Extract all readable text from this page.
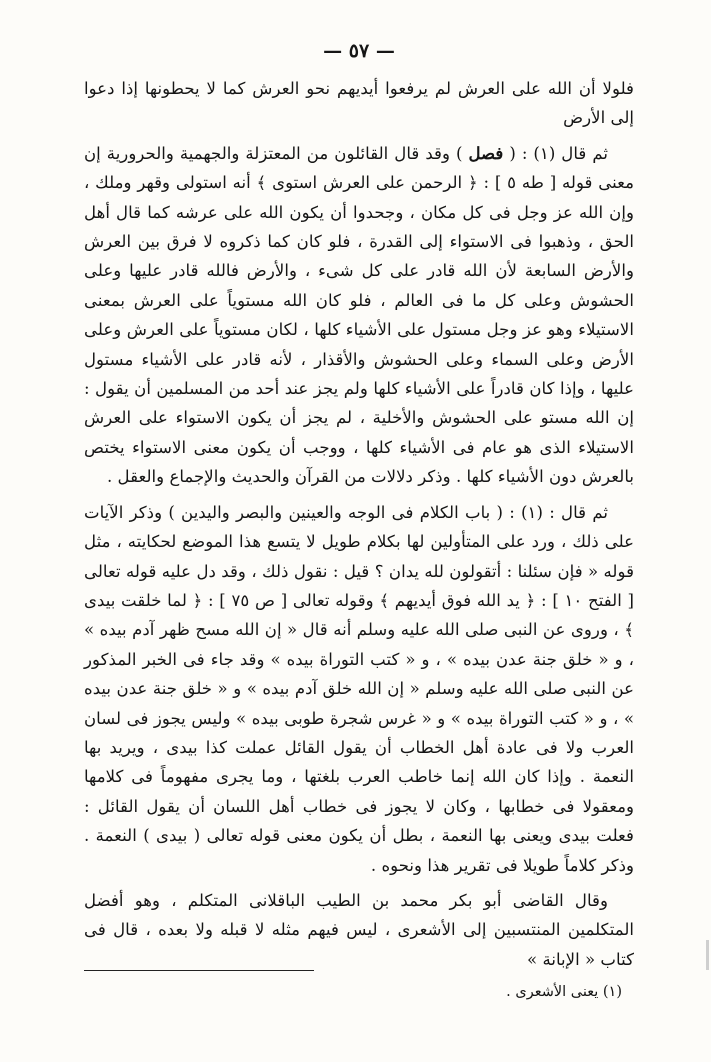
— ٥٧ —

فلولا أن الله على العرش لم يرفعوا أيديهم نحو العرش كما لا يحطونها إذا دعوا إلى الأرض

ثم قال (١) : ( فصل ) وقد قال القائلون من المعتزلة والجهمية والحرورية إن معنى قوله [ طه ٥ ] : ﴿ الرحمن على العرش استوى ﴾ أنه استولى وقهر وملك ، وإن الله عز وجل فى كل مكان ، وجحدوا أن يكون الله على عرشه كما قال أهل الحق ، وذهبوا فى الاستواء إلى القدرة ، فلو كان كما ذكروه لا فرق بين العرش والأرض السابعة لأن الله قادر على كل شىء ، والأرض فالله قادر عليها وعلى الحشوش وعلى كل ما فى العالم ، فلو كان الله مستوياً على العرش بمعنى الاستيلاء وهو عز وجل مستول على الأشياء كلها ، لكان مستوياً على العرش وعلى الأرض وعلى السماء وعلى الحشوش والأقذار ، لأنه قادر على الأشياء مستول عليها ، وإذا كان قادراً على الأشياء كلها ولم يجز عند أحد من المسلمين أن يقول : إن الله مستو على الحشوش والأخلية ، لم يجز أن يكون الاستواء على العرش الاستيلاء الذى هو عام فى الأشياء كلها ، ووجب أن يكون معنى الاستواء يختص بالعرش دون الأشياء كلها . وذكر دلالات من القرآن والحديث والإجماع والعقل .

ثم قال : (١) : ( باب الكلام فى الوجه والعينين والبصر واليدين ) وذكر الآيات على ذلك ، ورد على المتأولين لها بكلام طويل لا يتسع هذا الموضع لحكايته ، مثل قوله « فإن سئلنا : أتقولون لله يدان ؟ قيل : نقول ذلك ، وقد دل عليه قوله تعالى [ الفتح ١٠ ] : ﴿ يد الله فوق أيديهم ﴾ وقوله تعالى [ ص ٧٥ ] : ﴿ لما خلقت بيدى ﴾ ، وروى عن النبى صلى الله عليه وسلم أنه قال « إن الله مسح ظهر آدم بيده » ، و « خلق جنة عدن بيده » ، و « كتب التوراة بيده » وقد جاء فى الخبر المذكور عن النبى صلى الله عليه وسلم « إن الله خلق آدم بيده » و « خلق جنة عدن بيده » ، و « كتب التوراة بيده » و « غرس شجرة طوبى بيده » وليس يجوز فى لسان العرب ولا فى عادة أهل الخطاب أن يقول القائل عملت كذا بيدى ، ويريد بها النعمة . وإذا كان الله إنما خاطب العرب بلغتها ، وما يجرى مفهوماً فى كلامها ومعقولا فى خطابها ، وكان لا يجوز فى خطاب أهل اللسان أن يقول القائل : فعلت بيدى ويعنى بها النعمة ، بطل أن يكون معنى قوله تعالى ( بيدى ) النعمة . وذكر كلاماً طويلا فى تقرير هذا ونحوه .

وقال القاضى أبو بكر محمد بن الطيب الباقلانى المتكلم ، وهو أفضل المتكلمين المنتسبين إلى الأشعرى ، ليس فيهم مثله لا قبله ولا بعده ، قال فى كتاب « الإبانة »

(١) يعنى الأشعرى .
